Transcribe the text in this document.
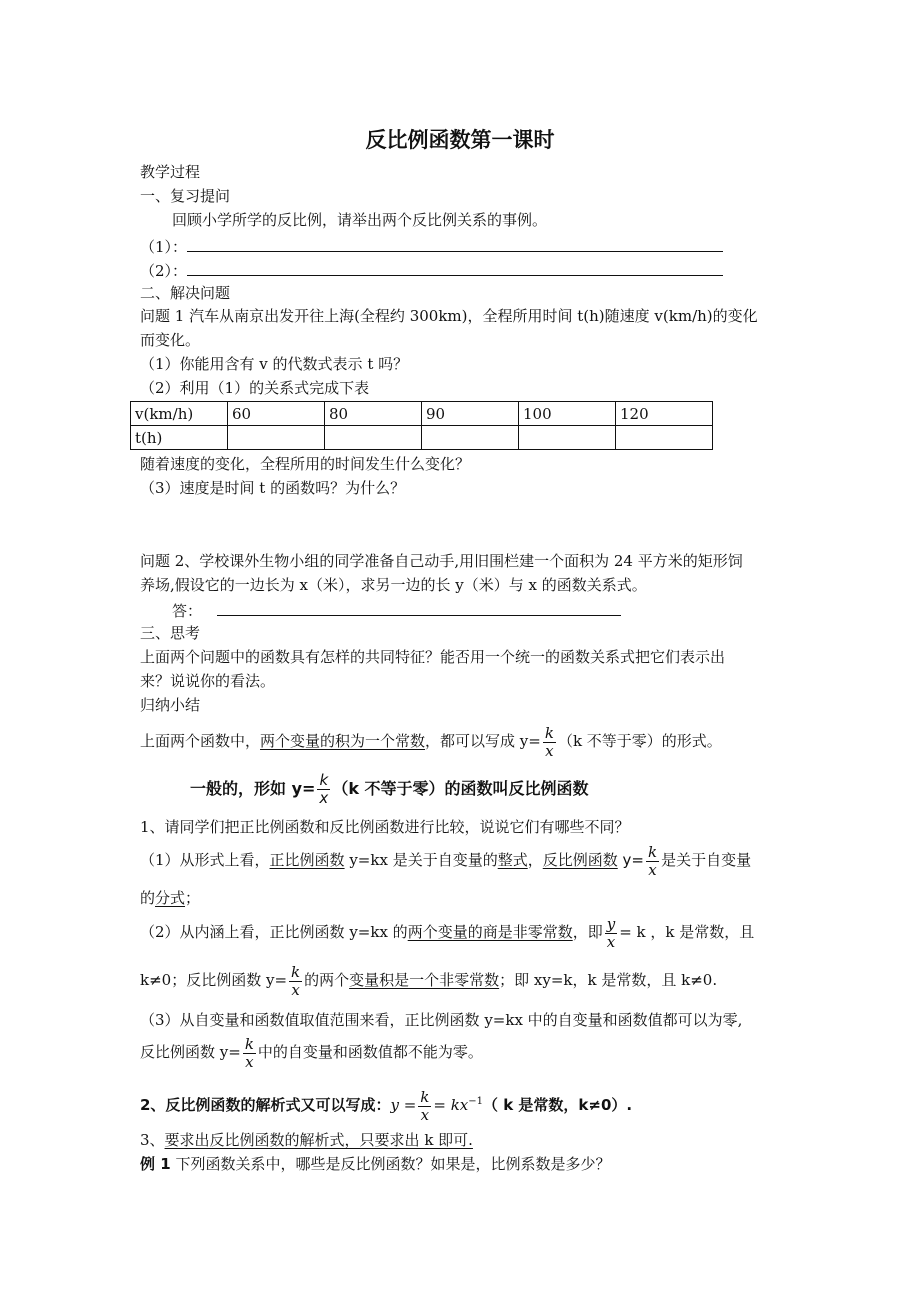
反比例函数第一课时
教学过程
一、复习提问
回顾小学所学的反比例，请举出两个反比例关系的事例。
（1）：
（2）：
二、解决问题
问题 1 汽车从南京出发开往上海(全程约 300km)，全程所用时间 t(h)随速度 v(km/h)的变化
而变化。
（1）你能用含有 v 的代数式表示 t 吗？
（2）利用（1）的关系式完成下表
v(km/h)	60	80	90	100	120
t(h)					
随着速度的变化，全程所用的时间发生什么变化？
（3）速度是时间 t 的函数吗？为什么？
问题 2、学校课外生物小组的同学准备自己动手,用旧围栏建一个面积为 24 平方米的矩形饲
养场,假设它的一边长为 x（米），求另一边的长 y（米）与 x 的函数关系式。
答：
三、思考
上面两个问题中的函数具有怎样的共同特征？能否用一个统一的函数关系式把它们表示出
来？说说你的看法。
归纳小结
上面两个函数中，两个变量的积为一个常数，都可以写成 $y= \frac{k}{x} (k$ 不等于零）的形式。
一般的，形如 $y= \frac{k}{x} (k$ 不等于零）的函数叫反比例函数
1、请同学们把正比例函数和反比例函数进行比较，说说它们有哪些不同？
（1）从形式上看，正比例函数 y=kx 是关于自变量的整式，反比例函数 $y= \frac{k}{x}$ 是关于自变量
的分式；
（2）从内涵上看，正比例函数 y=kx 的两个变量的商是非零常数，即 $\frac{y}{x} = k$ ，k 是常数，且
k≠0；反比例函数 $y= \frac{k}{x}$ 的两个变量积是一个非零常数；即 xy=k，k 是常数，且 k≠0.
（3）从自变量和函数值取值范围来看，正比例函数 y=kx 中的自变量和函数值都可以为零,
反比例函数 $y= \frac{k}{x}$ 中的自变量和函数值都不能为零。
2、反比例函数的解析式又可以写成：$y = \frac{k}{x} = kx^{-1}$（ k 是常数，k≠0）.
3、要求出反比例函数的解析式，只要求出 k 即可.
例 1 下列函数关系中，哪些是反比例函数？如果是，比例系数是多少？
